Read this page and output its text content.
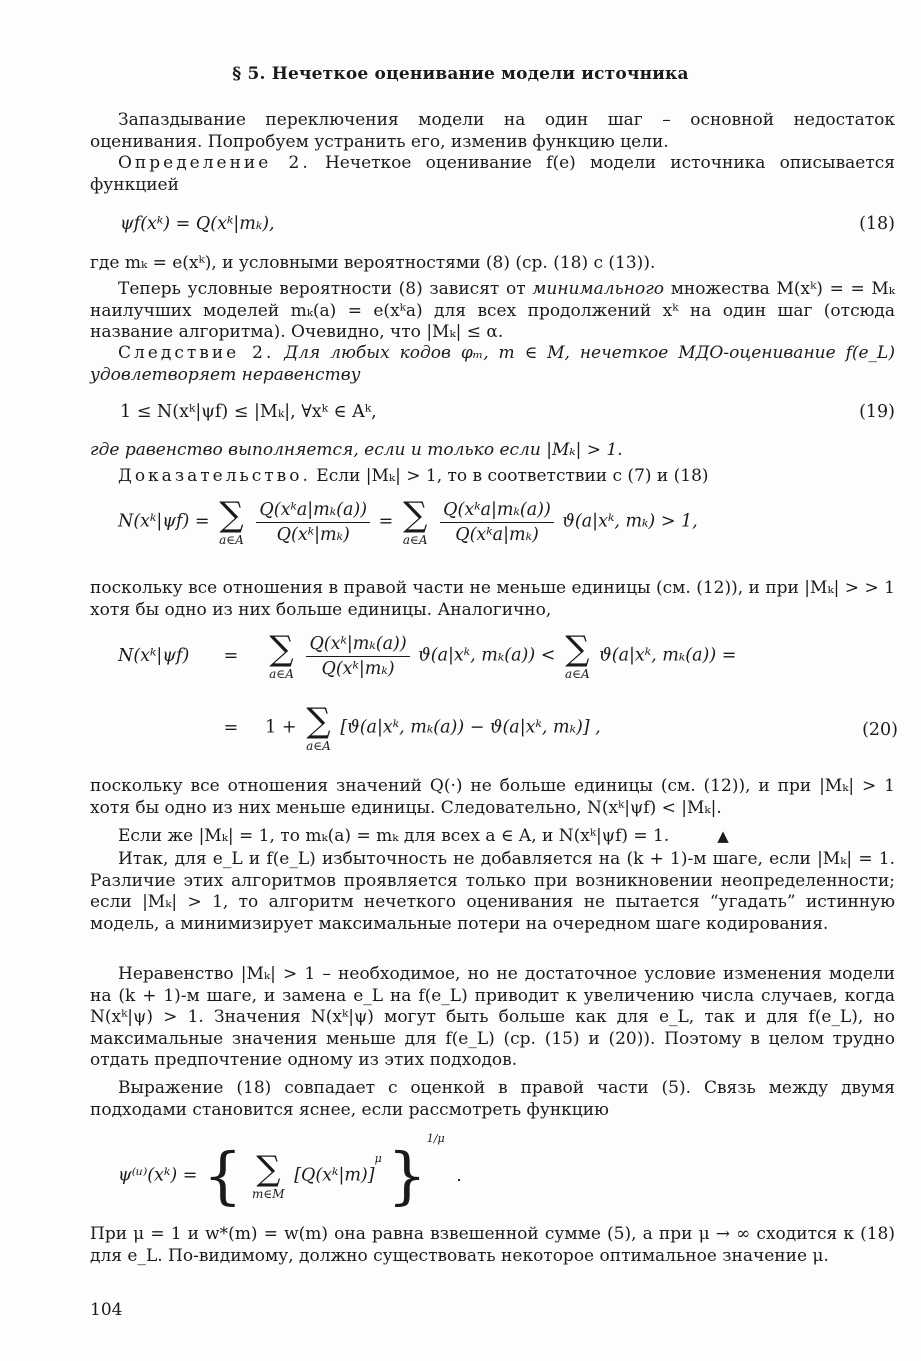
§ 5. Нечеткое оценивание модели источника

Запаздывание переключения модели на один шаг – основной недостаток оценивания. Попробуем устранить его, изменив функцию цели.

Определение 2. Нечеткое оценивание f(e) модели источника описывается функцией

ψf(xᵏ) = Q(xᵏ|mₖ),	(18)

где mₖ = e(xᵏ), и условными вероятностями (8) (ср. (18) с (13)).

Теперь условные вероятности (8) зависят от минимального множества M(xᵏ) = = Mₖ наилучших моделей mₖ(a) = e(xᵏa) для всех продолжений xᵏ на один шаг (отсюда название алгоритма). Очевидно, что |Mₖ| ≤ α.

Следствие 2. Для любых кодов φₘ, m ∈ M, нечеткое МДО-оценивание f(e_L) удовлетворяет неравенству

1 ≤ N(xᵏ|ψf) ≤ |Mₖ|, ∀xᵏ ∈ Aᵏ,	(19)

где равенство выполняется, если и только если |Mₖ| > 1.

Доказательство. Если |Mₖ| > 1, то в соответствии с (7) и (18)

N(xᵏ|ψf) = ∑
a∈A
$\frac{\text{Q(xᵏa|mₖ(a))}}{\text{Q(xᵏ|mₖ)}}$ = ∑
a∈A
$\frac{\text{Q(xᵏa|mₖ(a))}}{\text{Q(xᵏa|mₖ)}}$ ϑ(a|xᵏ, mₖ) > 1,

поскольку все отношения в правой части не меньше единицы (см. (12)), и при |Mₖ| > > 1 хотя бы одно из них больше единицы. Аналогично,

N(xᵏ|ψf) = ∑
a∈A
$\frac{\text{Q(xᵏ|mₖ(a))}}{\text{Q(xᵏ|mₖ)}}$ ϑ(a|xᵏ, mₖ(a)) < ∑
a∈A
ϑ(a|xᵏ, mₖ(a)) =
= 1 + ∑
a∈A
[ϑ(a|xᵏ, mₖ(a)) − ϑ(a|xᵏ, mₖ)] ,	(20)

поскольку все отношения значений Q(·) не больше единицы (см. (12)), и при |Mₖ| > 1 хотя бы одно из них меньше единицы. Следовательно, N(xᵏ|ψf) < |Mₖ|.

Если же |Mₖ| = 1, то mₖ(a) = mₖ для всех a ∈ A, и N(xᵏ|ψf) = 1.	▲

Итак, для e_L и f(e_L) избыточность не добавляется на (k + 1)-м шаге, если |Mₖ| = 1. Различие этих алгоритмов проявляется только при возникновении неопределенности; если |Mₖ| > 1, то алгоритм нечеткого оценивания не пытается “угадать” истинную модель, а минимизирует максимальные потери на очередном шаге кодирования.

Неравенство |Mₖ| > 1 – необходимое, но не достаточное условие изменения модели на (k + 1)-м шаге, и замена e_L на f(e_L) приводит к увеличению числа случаев, когда N(xᵏ|ψ) > 1. Значения N(xᵏ|ψ) могут быть больше как для e_L, так и для f(e_L), но максимальные значения меньше для f(e_L) (ср. (15) и (20)). Поэтому в целом трудно отдать предпочтение одному из этих подходов.

Выражение (18) совпадает с оценкой в правой части (5). Связь между двумя подходами становится яснее, если рассмотреть функцию

ψ⁽ᵘ⁾(xᵏ) = { ∑
m∈M
[Q(xᵏ|m)]$^\mu$ }$^{1/\mu}$ .

При μ = 1 и w*(m) = w(m) она равна взвешенной сумме (5), а при μ → ∞ сходится к (18) для e_L. По-видимому, должно существовать некоторое оптимальное значение μ.

104
